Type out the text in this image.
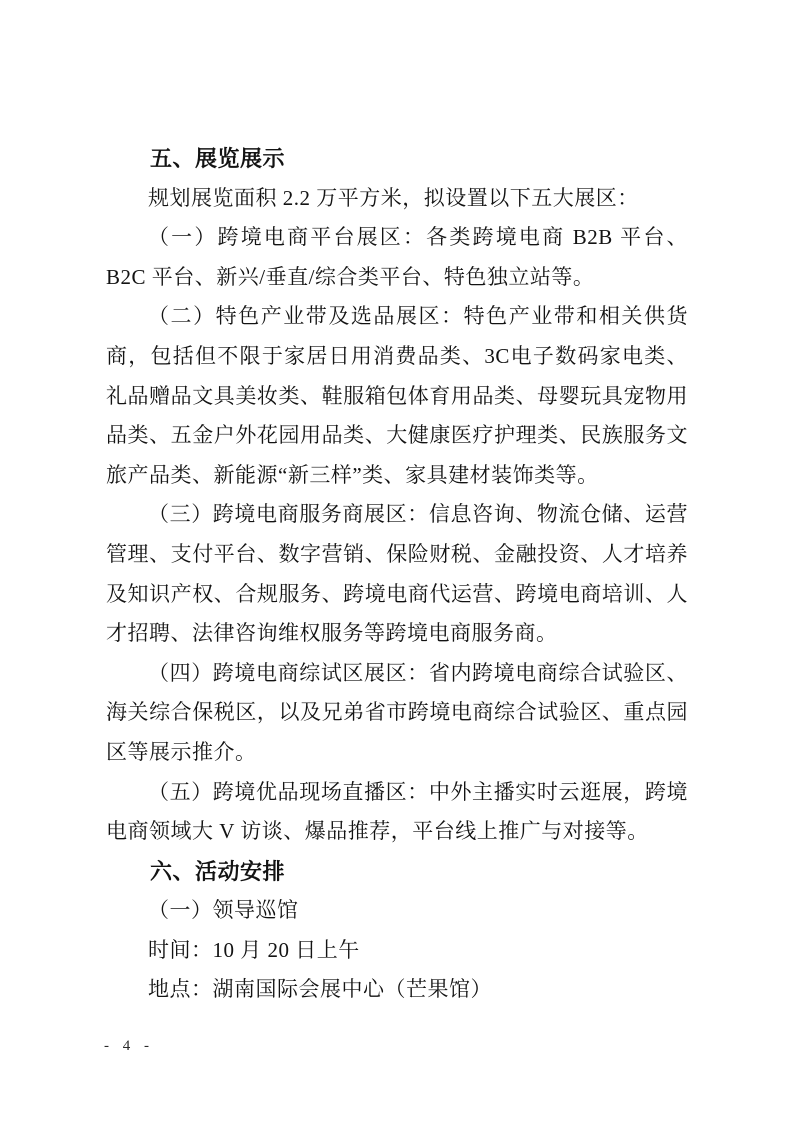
五、展览展示

规划展览面积 2.2 万平方米，拟设置以下五大展区：

（一）跨境电商平台展区：各类跨境电商 B2B 平台、B2C 平台、新兴/垂直/综合类平台、特色独立站等。

（二）特色产业带及选品展区：特色产业带和相关供货商，包括但不限于家居日用消费品类、3C电子数码家电类、礼品赠品文具美妆类、鞋服箱包体育用品类、母婴玩具宠物用品类、五金户外花园用品类、大健康医疗护理类、民族服务文旅产品类、新能源“新三样”类、家具建材装饰类等。

（三）跨境电商服务商展区：信息咨询、物流仓储、运营管理、支付平台、数字营销、保险财税、金融投资、人才培养及知识产权、合规服务、跨境电商代运营、跨境电商培训、人才招聘、法律咨询维权服务等跨境电商服务商。

（四）跨境电商综试区展区：省内跨境电商综合试验区、海关综合保税区，以及兄弟省市跨境电商综合试验区、重点园区等展示推介。

（五）跨境优品现场直播区：中外主播实时云逛展，跨境电商领域大 V 访谈、爆品推荐，平台线上推广与对接等。

六、活动安排

（一）领导巡馆

时间：10 月 20 日上午

地点：湖南国际会展中心（芒果馆）

- 4 -
